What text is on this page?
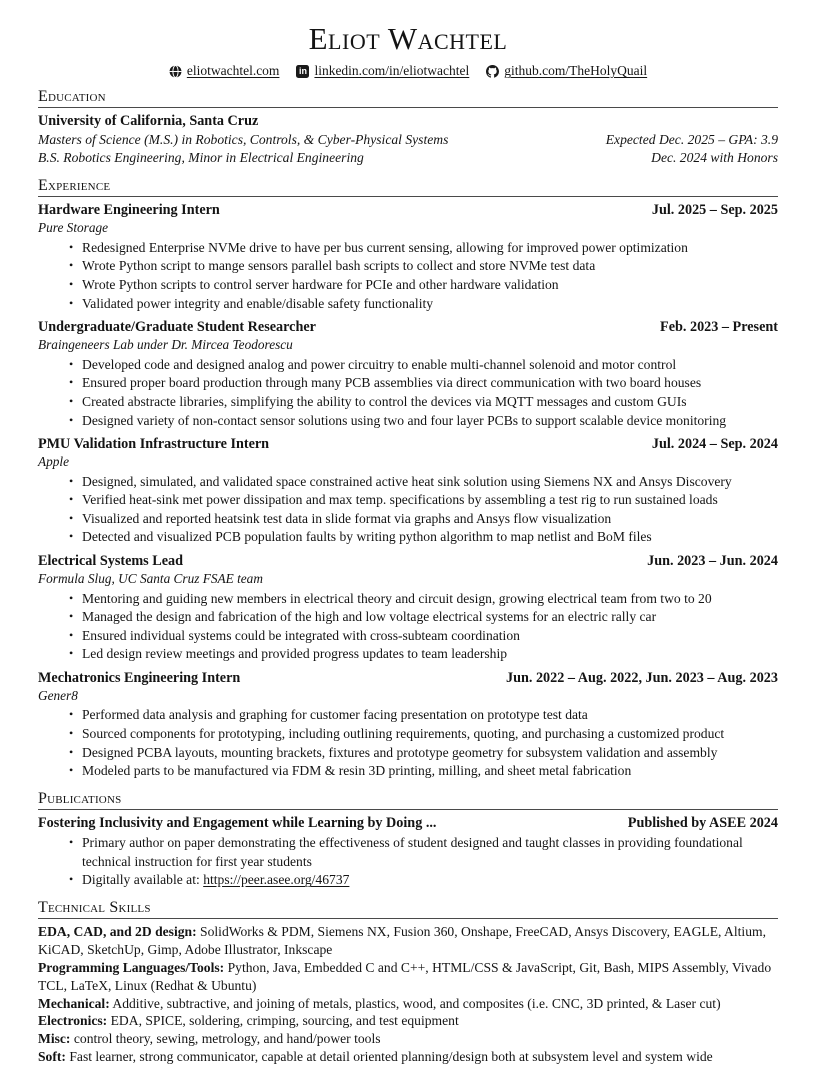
Eliot Wachtel
eliotwachtel.com in linkedin.com/in/eliotwachtel	github.com/TheHolyQuail
Education
University of California, Santa Cruz
Masters of Science (M.S.) in Robotics, Controls, & Cyber-Physical Systems	Expected Dec. 2025 – GPA: 3.9
B.S. Robotics Engineering, Minor in Electrical Engineering	Dec. 2024 with Honors
Experience
Hardware Engineering Intern	Jul. 2025 – Sep. 2025
Pure Storage
• Redesigned Enterprise NVMe drive to have per bus current sensing, allowing for improved power optimization
• Wrote Python script to mange sensors parallel bash scripts to collect and store NVMe test data
• Wrote Python scripts to control server hardware for PCIe and other hardware validation
• Validated power integrity and enable/disable safety functionality
Undergraduate/Graduate Student Researcher	Feb. 2023 – Present
Braingeneers Lab under Dr. Mircea Teodorescu
• Developed code and designed analog and power circuitry to enable multi-channel solenoid and motor control
• Ensured proper board production through many PCB assemblies via direct communication with two board houses
• Created abstracte libraries, simplifying the ability to control the devices via MQTT messages and custom GUIs
• Designed variety of non-contact sensor solutions using two and four layer PCBs to support scalable device monitoring
PMU Validation Infrastructure Intern	Jul. 2024 – Sep. 2024
Apple
• Designed, simulated, and validated space constrained active heat sink solution using Siemens NX and Ansys Discovery
• Verified heat-sink met power dissipation and max temp. specifications by assembling a test rig to run sustained loads
• Visualized and reported heatsink test data in slide format via graphs and Ansys flow visualization
• Detected and visualized PCB population faults by writing python algorithm to map netlist and BoM files
Electrical Systems Lead	Jun. 2023 – Jun. 2024
Formula Slug, UC Santa Cruz FSAE team
• Mentoring and guiding new members in electrical theory and circuit design, growing electrical team from two to 20
• Managed the design and fabrication of the high and low voltage electrical systems for an electric rally car
• Ensured individual systems could be integrated with cross-subteam coordination
• Led design review meetings and provided progress updates to team leadership
Mechatronics Engineering Intern	Jun. 2022 – Aug. 2022, Jun. 2023 – Aug. 2023
Gener8
• Performed data analysis and graphing for customer facing presentation on prototype test data
• Sourced components for prototyping, including outlining requirements, quoting, and purchasing a customized product
• Designed PCBA layouts, mounting brackets, fixtures and prototype geometry for subsystem validation and assembly
• Modeled parts to be manufactured via FDM & resin 3D printing, milling, and sheet metal fabrication
Publications
Fostering Inclusivity and Engagement while Learning by Doing ...	Published by ASEE 2024
• Primary author on paper demonstrating the effectiveness of student designed and taught classes in providing foundational technical instruction for first year students
• Digitally available at: https://peer.asee.org/46737
Technical Skills
EDA, CAD, and 2D design: SolidWorks & PDM, Siemens NX, Fusion 360, Onshape, FreeCAD, Ansys Discovery, EAGLE, Altium, KiCAD, SketchUp, Gimp, Adobe Illustrator, Inkscape
Programming Languages/Tools: Python, Java, Embedded C and C++, HTML/CSS & JavaScript, Git, Bash, MIPS Assembly, Vivado TCL, LaTeX, Linux (Redhat & Ubuntu)
Mechanical: Additive, subtractive, and joining of metals, plastics, wood, and composites (i.e. CNC, 3D printed, & Laser cut)
Electronics: EDA, SPICE, soldering, crimping, sourcing, and test equipment
Misc: control theory, sewing, metrology, and hand/power tools
Soft: Fast learner, strong communicator, capable at detail oriented planning/design both at subsystem level and system wide
